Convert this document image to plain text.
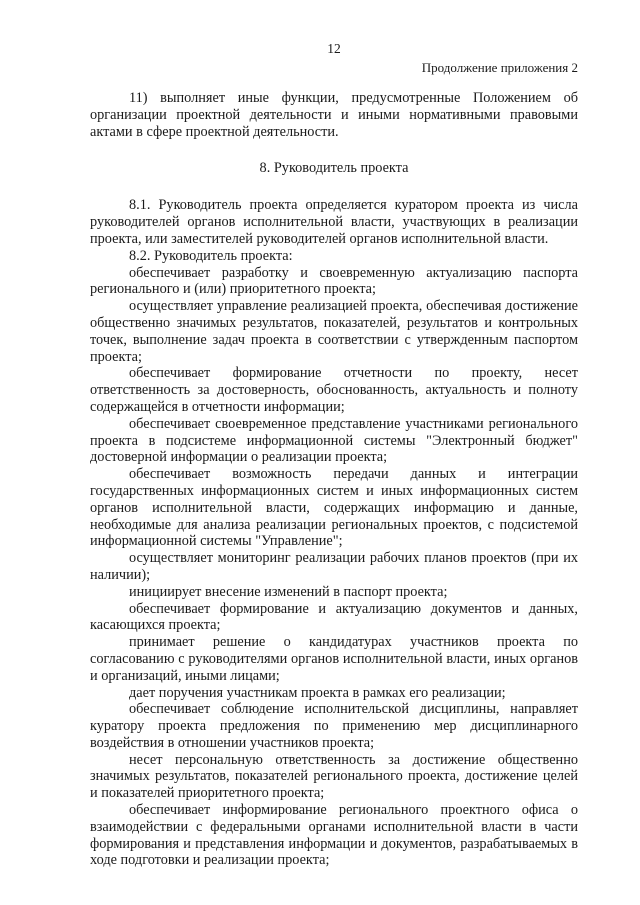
12
Продолжение приложения 2

11) выполняет иные функции, предусмотренные Положением об организации проектной деятельности и иными нормативными правовыми актами в сфере проектной деятельности.

8. Руководитель проекта

8.1. Руководитель проекта определяется куратором проекта из числа руководителей органов исполнительной власти, участвующих в реализации проекта, или заместителей руководителей органов исполнительной власти.

8.2. Руководитель проекта:

обеспечивает разработку и своевременную актуализацию паспорта регионального и (или) приоритетного проекта;

осуществляет управление реализацией проекта, обеспечивая достижение общественно значимых результатов, показателей, результатов и контрольных точек, выполнение задач проекта в соответствии с утвержденным паспортом проекта;

обеспечивает формирование отчетности по проекту, несет ответственность за достоверность, обоснованность, актуальность и полноту содержащейся в отчетности информации;

обеспечивает своевременное представление участниками регионального проекта в подсистеме информационной системы "Электронный бюджет" достоверной информации о реализации проекта;

обеспечивает возможность передачи данных и интеграции государственных информационных систем и иных информационных систем органов исполнительной власти, содержащих информацию и данные, необходимые для анализа реализации региональных проектов, с подсистемой информационной системы "Управление";

осуществляет мониторинг реализации рабочих планов проектов (при их наличии);

инициирует внесение изменений в паспорт проекта;

обеспечивает формирование и актуализацию документов и данных, касающихся проекта;

принимает решение о кандидатурах участников проекта по согласованию с руководителями органов исполнительной власти, иных органов и организаций, иными лицами;

дает поручения участникам проекта в рамках его реализации;

обеспечивает соблюдение исполнительской дисциплины, направляет куратору проекта предложения по применению мер дисциплинарного воздействия в отношении участников проекта;

несет персональную ответственность за достижение общественно значимых результатов, показателей регионального проекта, достижение целей и показателей приоритетного проекта;

обеспечивает информирование регионального проектного офиса о взаимодействии с федеральными органами исполнительной власти в части формирования и представления информации и документов, разрабатываемых в ходе подготовки и реализации проекта;
